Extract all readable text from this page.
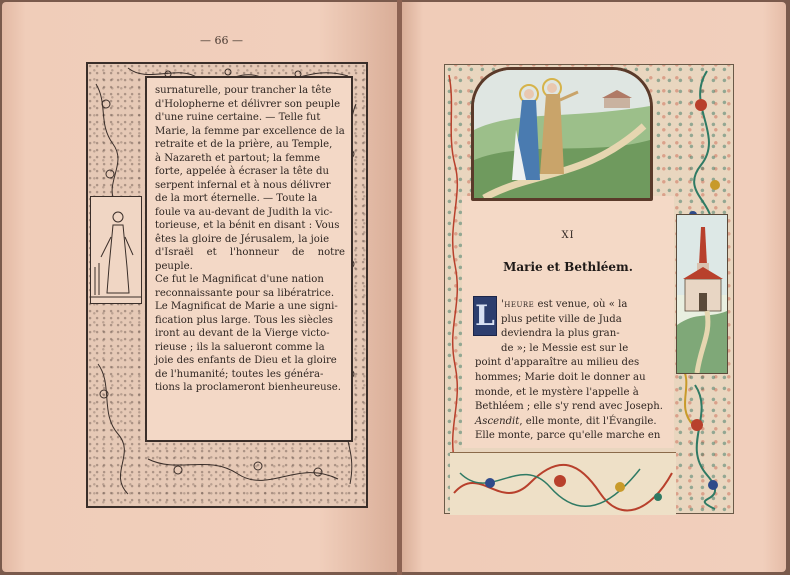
— 66 —

surnaturelle, pour trancher la tête
d'Holopherne et délivrer son peuple
d'une ruine certaine. — Telle fut
Marie, la femme par excellence de la
retraite et de la prière, au Temple,
à Nazareth et partout; la femme
forte, appelée à écraser la tête du
serpent infernal et à nous délivrer
de la mort éternelle. — Toute la
foule va au-devant de Judith la vic-
torieuse, et la bénit en disant : Vous
êtes la gloire de Jérusalem, la joie
d'Israël et l'honneur de notre peuple.
Ce fut le Magnificat d'une nation
reconnaissante pour sa libératrice.
Le Magnificat de Marie a une signi-
fication plus large. Tous les siècles
iront au devant de la Vierge victo-
rieuse ; ils la salueront comme la
joie des enfants de Dieu et la gloire
de l'humanité; toutes les généra-
tions la proclameront bienheureuse.

XI
Marie et Bethléem.
L 'heure est venue, où « la
plus petite ville de Juda
deviendra la plus gran-
de »; le Messie est sur le
point d'apparaître au milieu des
hommes; Marie doit le donner au
monde, et le mystère l'appelle à
Bethléem ; elle s'y rend avec Joseph.
Ascendit, elle monte, dit l'Évangile.
Elle monte, parce qu'elle marche en
